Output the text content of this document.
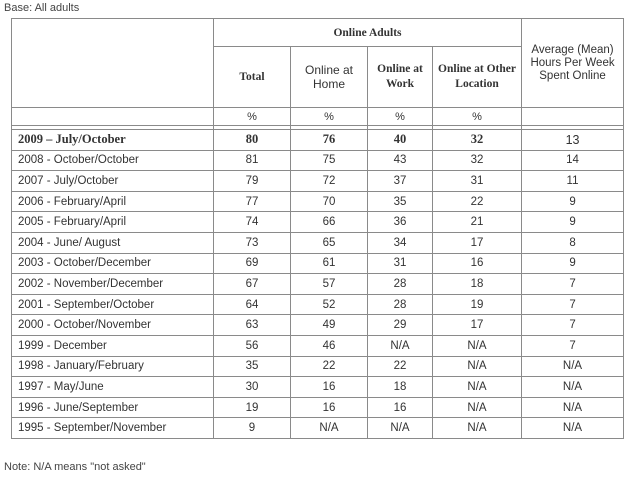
Base: All adults
	Online Adults				Average (Mean) Hours Per Week Spent Online
	Total	Online at Home	Online at Work	Online at Other Location	
	%	%	%	%	

2009 – July/October	80	76	40	32	13
2008 - October/October	81	75	43	32	14
2007 - July/October	79	72	37	31	11
2006 - February/April	77	70	35	22	9
2005 - February/April	74	66	36	21	9
2004 - June/ August	73	65	34	17	8
2003 - October/December	69	61	31	16	9
2002 - November/December	67	57	28	18	7
2001 - September/October	64	52	28	19	7
2000 - October/November	63	49	29	17	7
1999 - December	56	46	N/A	N/A	7
1998 - January/February	35	22	22	N/A	N/A
1997 - May/June	30	16	18	N/A	N/A
1996 - June/September	19	16	16	N/A	N/A
1995 - September/November	9	N/A	N/A	N/A	N/A
Note: N/A means "not asked"
